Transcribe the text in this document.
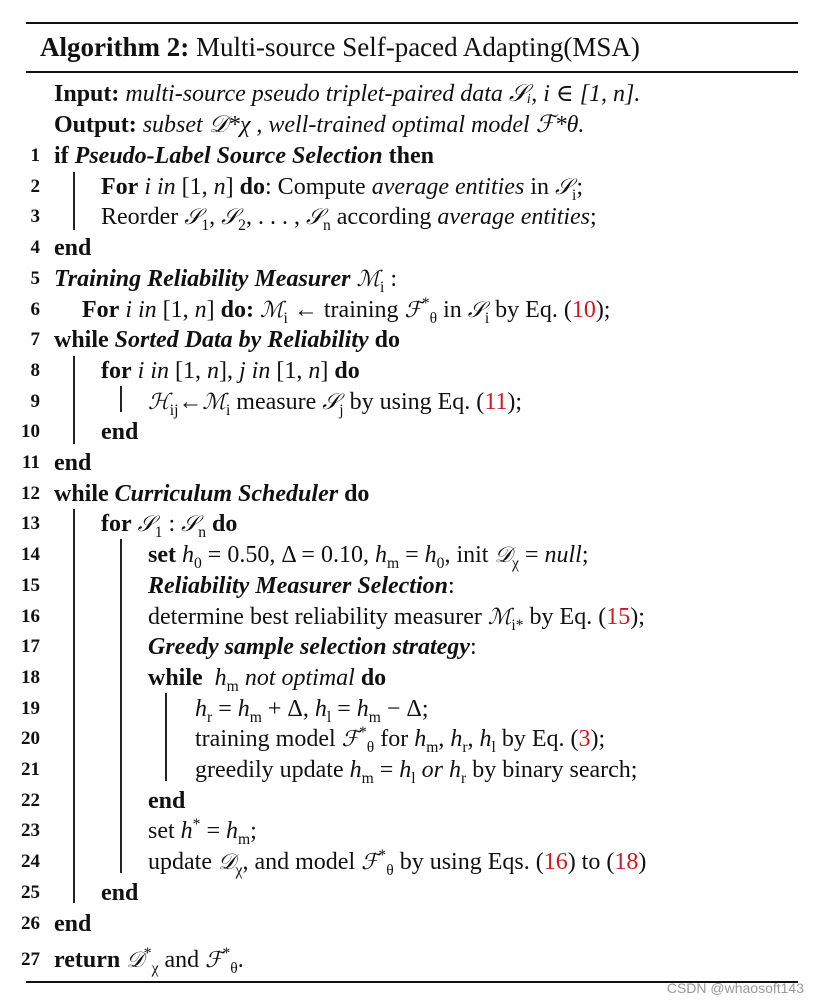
Algorithm 2: Multi-source Self-paced Adapting(MSA)
Input: multi-source pseudo triplet-paired data 𝒮ᵢ, i ∈ [1, n].
Output: subset 𝒟*χ , well-trained optimal model ℱ*θ.
1 if Pseudo-Label Source Selection then
2	For i in [1, n] do: Compute average entities in 𝒮$_i$;
3	Reorder 𝒮$_1$, 𝒮$_2$, . . . , 𝒮$_n$ according average entities;
4 end
5 Training Reliability Measurer ℳ$_i$ :
6 For i in [1, n] do: ℳ$_i$ ← training ℱ*$_\theta$ in 𝒮$_i$ by Eq. (10);
7 while Sorted Data by Reliability do
8	for i in [1, n], j in [1, n] do
9	ℋ$_{ij}$←ℳ$_i$ measure 𝒮$_j$ by using Eq. (11);
10	end
11 end
12 while Curriculum Scheduler do
13	for 𝒮$_1$ : 𝒮$_n$ do
14	set $h_0 = 0.50$, Δ = 0.10, $h_m = h_0$, init 𝒟$_\chi$ = null;
15	Reliability Measurer Selection:
16	determine best reliability measurer ℳ$_{i*}$ by Eq. (15);
17	Greedy sample selection strategy:
18	while $h_m$ not optimal do
19	$h_r = h_m + \Delta$, $h_l = h_m - \Delta$;
20	training model ℱ*$_\theta$ for $h_m$, $h_r$, $h_l$ by Eq. (3);
21	greedily update $h_m = h_l$ or $h_r$ by binary search;
22	end
23	set $h^* = h_m$;
24	update 𝒟$_\chi$, and model ℱ*$_\theta$ by using Eqs. (16) to (18)
25	end
26 end
27 return 𝒟*$_\chi$ and ℱ*$_\theta$.
CSDN @whaosoft143
